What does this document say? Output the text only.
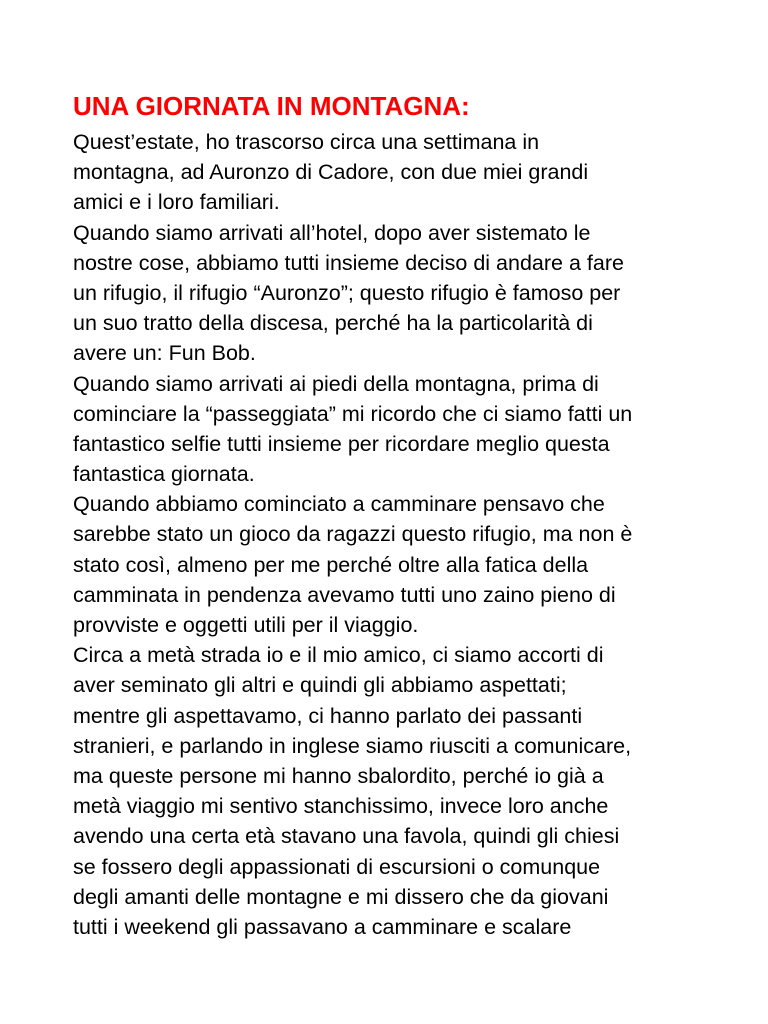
UNA GIORNATA IN MONTAGNA:
Quest’estate, ho trascorso circa una settimana in
montagna, ad Auronzo di Cadore, con due miei grandi
amici e i loro familiari.
Quando siamo arrivati all’hotel, dopo aver sistemato le
nostre cose, abbiamo tutti insieme deciso di andare a fare
un rifugio, il rifugio “Auronzo”; questo rifugio è famoso per
un suo tratto della discesa, perché ha la particolarità di
avere un: Fun Bob.
Quando siamo arrivati ai piedi della montagna, prima di
cominciare la “passeggiata” mi ricordo che ci siamo fatti un
fantastico selfie tutti insieme per ricordare meglio questa
fantastica giornata.
Quando abbiamo cominciato a camminare pensavo che
sarebbe stato un gioco da ragazzi questo rifugio, ma non è
stato così, almeno per me perché oltre alla fatica della
camminata in pendenza avevamo tutti uno zaino pieno di
provviste e oggetti utili per il viaggio.
Circa a metà strada io e il mio amico, ci siamo accorti di
aver seminato gli altri e quindi gli abbiamo aspettati;
mentre gli aspettavamo, ci hanno parlato dei passanti
stranieri, e parlando in inglese siamo riusciti a comunicare,
ma queste persone mi hanno sbalordito, perché io già a
metà viaggio mi sentivo stanchissimo, invece loro anche
avendo una certa età stavano una favola, quindi gli chiesi
se fossero degli appassionati di escursioni o comunque
degli amanti delle montagne e mi dissero che da giovani
tutti i weekend gli passavano a camminare e scalare
